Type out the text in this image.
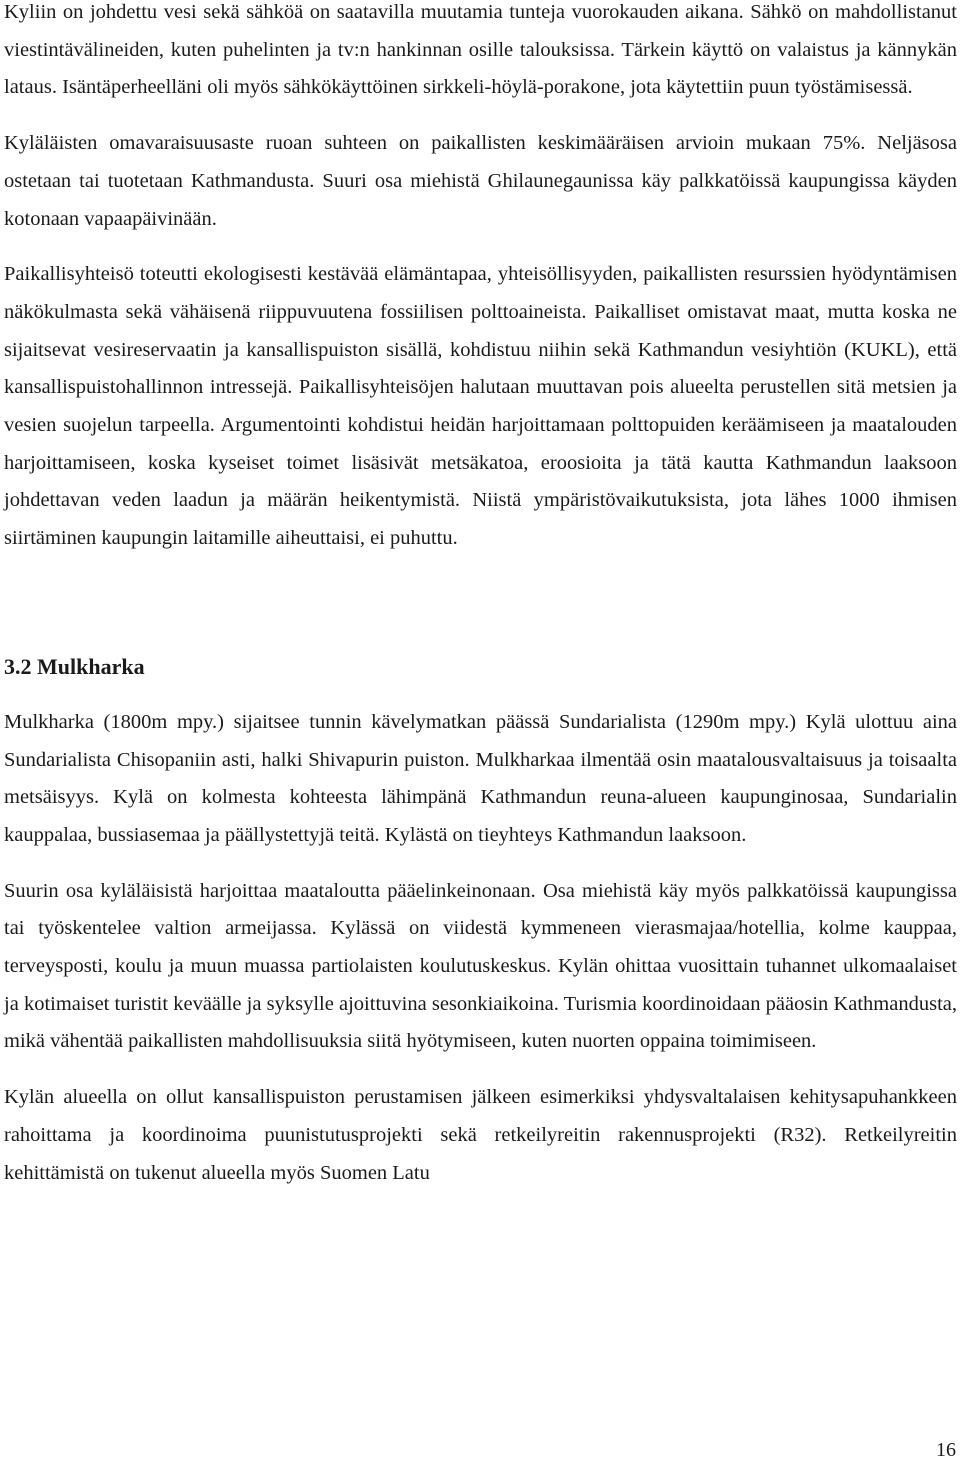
Kyliin on johdettu vesi sekä sähköä on saatavilla muutamia tunteja vuorokauden aikana. Sähkö on mahdollistanut viestintävälineiden, kuten puhelinten ja tv:n hankinnan osille talouksissa. Tärkein käyttö on valaistus ja kännykän lataus. Isäntäperheelläni oli myös sähkökäyttöinen sirkkeli-höylä-porakone, jota käytettiin puun työstämisessä.

Kyläläisten omavaraisuusaste ruoan suhteen on paikallisten keskimääräisen arvioin mukaan 75%. Neljäsosa ostetaan tai tuotetaan Kathmandusta. Suuri osa miehistä Ghilaunegaunissa käy palkkatöissä kaupungissa käyden kotonaan vapaapäivinään.

Paikallisyhteisö toteutti ekologisesti kestävää elämäntapaa, yhteisöllisyyden, paikallisten resurssien hyödyntämisen näkökulmasta sekä vähäisenä riippuvuutena fossiilisen polttoaineista. Paikalliset omistavat maat, mutta koska ne sijaitsevat vesireservaatin ja kansallispuiston sisällä, kohdistuu niihin sekä Kathmandun vesiyhtiön (KUKL), että kansallispuistohallinnon intressejä. Paikallisyhteisöjen halutaan muuttavan pois alueelta perustellen sitä metsien ja vesien suojelun tarpeella. Argumentointi kohdistui heidän harjoittamaan polttopuiden keräämiseen ja maatalouden harjoittamiseen, koska kyseiset toimet lisäsivät metsäkatoa, eroosioita ja tätä kautta Kathmandun laaksoon johdettavan veden laadun ja määrän heikentymistä. Niistä ympäristövaikutuksista, jota lähes 1000 ihmisen siirtäminen kaupungin laitamille aiheuttaisi, ei puhuttu.

3.2 Mulkharka

Mulkharka (1800m mpy.) sijaitsee tunnin kävelymatkan päässä Sundarialista (1290m mpy.) Kylä ulottuu aina Sundarialista Chisopaniin asti, halki Shivapurin puiston. Mulkharkaa ilmentää osin maatalousvaltaisuus ja toisaalta metsäisyys. Kylä on kolmesta kohteesta lähimpänä Kathmandun reuna-alueen kaupunginosaa, Sundarialin kauppalaa, bussiasemaa ja päällystettyjä teitä. Kylästä on tieyhteys Kathmandun laaksoon.

Suurin osa kyläläisistä harjoittaa maataloutta pääelinkeinonaan. Osa miehistä käy myös palkkatöissä kaupungissa tai työskentelee valtion armeijassa. Kylässä on viidestä kymmeneen vierasmajaa/hotellia, kolme kauppaa, terveysposti, koulu ja muun muassa partiolaisten koulutuskeskus. Kylän ohittaa vuosittain tuhannet ulkomaalaiset ja kotimaiset turistit keväälle ja syksylle ajoittuvina sesonkiaikoina. Turismia koordinoidaan pääosin Kathmandusta, mikä vähentää paikallisten mahdollisuuksia siitä hyötymiseen, kuten nuorten oppaina toimimiseen.

Kylän alueella on ollut kansallispuiston perustamisen jälkeen esimerkiksi yhdysvaltalaisen kehitysapuhankkeen rahoittama ja koordinoima puunistutusprojekti sekä retkeilyreitin rakennusprojekti (R32). Retkeilyreitin kehittämistä on tukenut alueella myös Suomen Latu

16
